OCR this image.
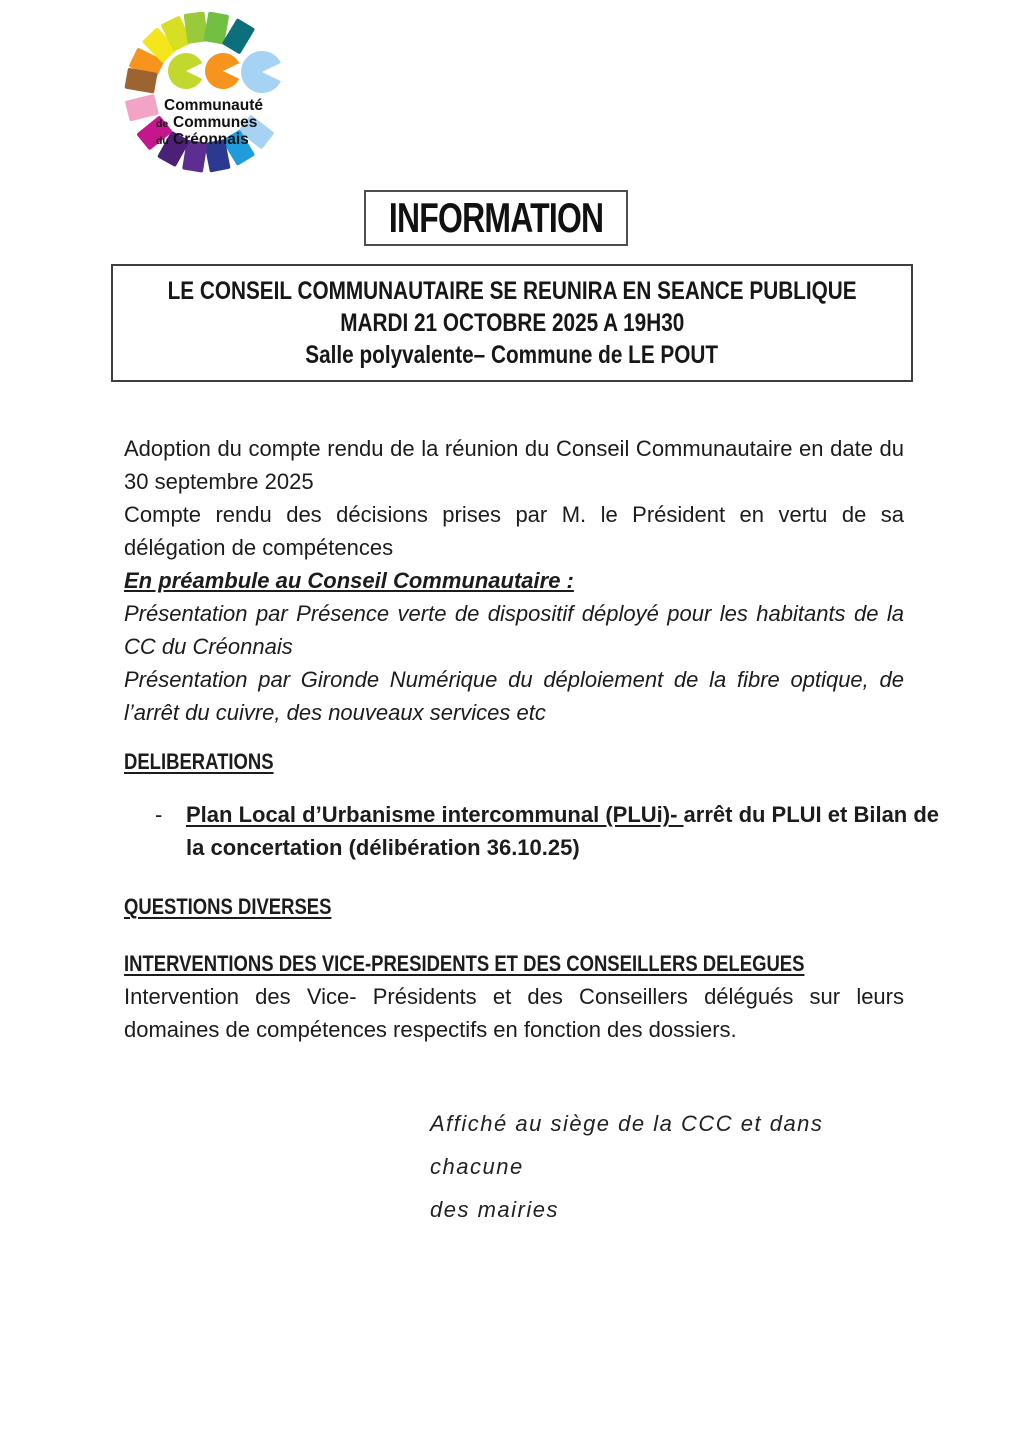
Communauté
de Communes
du Créonnais
INFORMATION
LE CONSEIL COMMUNAUTAIRE SE REUNIRA EN SEANCE PUBLIQUE
MARDI 21 OCTOBRE 2025 A 19H30
Salle polyvalente– Commune de LE POUT

Adoption du compte rendu de la réunion du Conseil Communautaire en date du 30 septembre 2025

Compte rendu des décisions prises par M. le Président en vertu de sa délégation de compétences

En préambule au Conseil Communautaire :

Présentation par Présence verte de dispositif déployé pour les habitants de la CC du Créonnais

Présentation par Gironde Numérique du déploiement de la fibre optique, de l’arrêt du cuivre, des nouveaux services etc

DELIBERATIONS
-	Plan Local d’Urbanisme intercommunal (PLUi)- arrêt du PLUI et Bilan de
la concertation (délibération 36.10.25)
QUESTIONS DIVERSES
INTERVENTIONS DES VICE-PRESIDENTS ET DES CONSEILLERS DELEGUES

Intervention des Vice- Présidents et des Conseillers délégués sur leurs domaines de compétences respectifs en fonction des dossiers.

Affiché au siège de la CCC et dans chacune
des mairies
